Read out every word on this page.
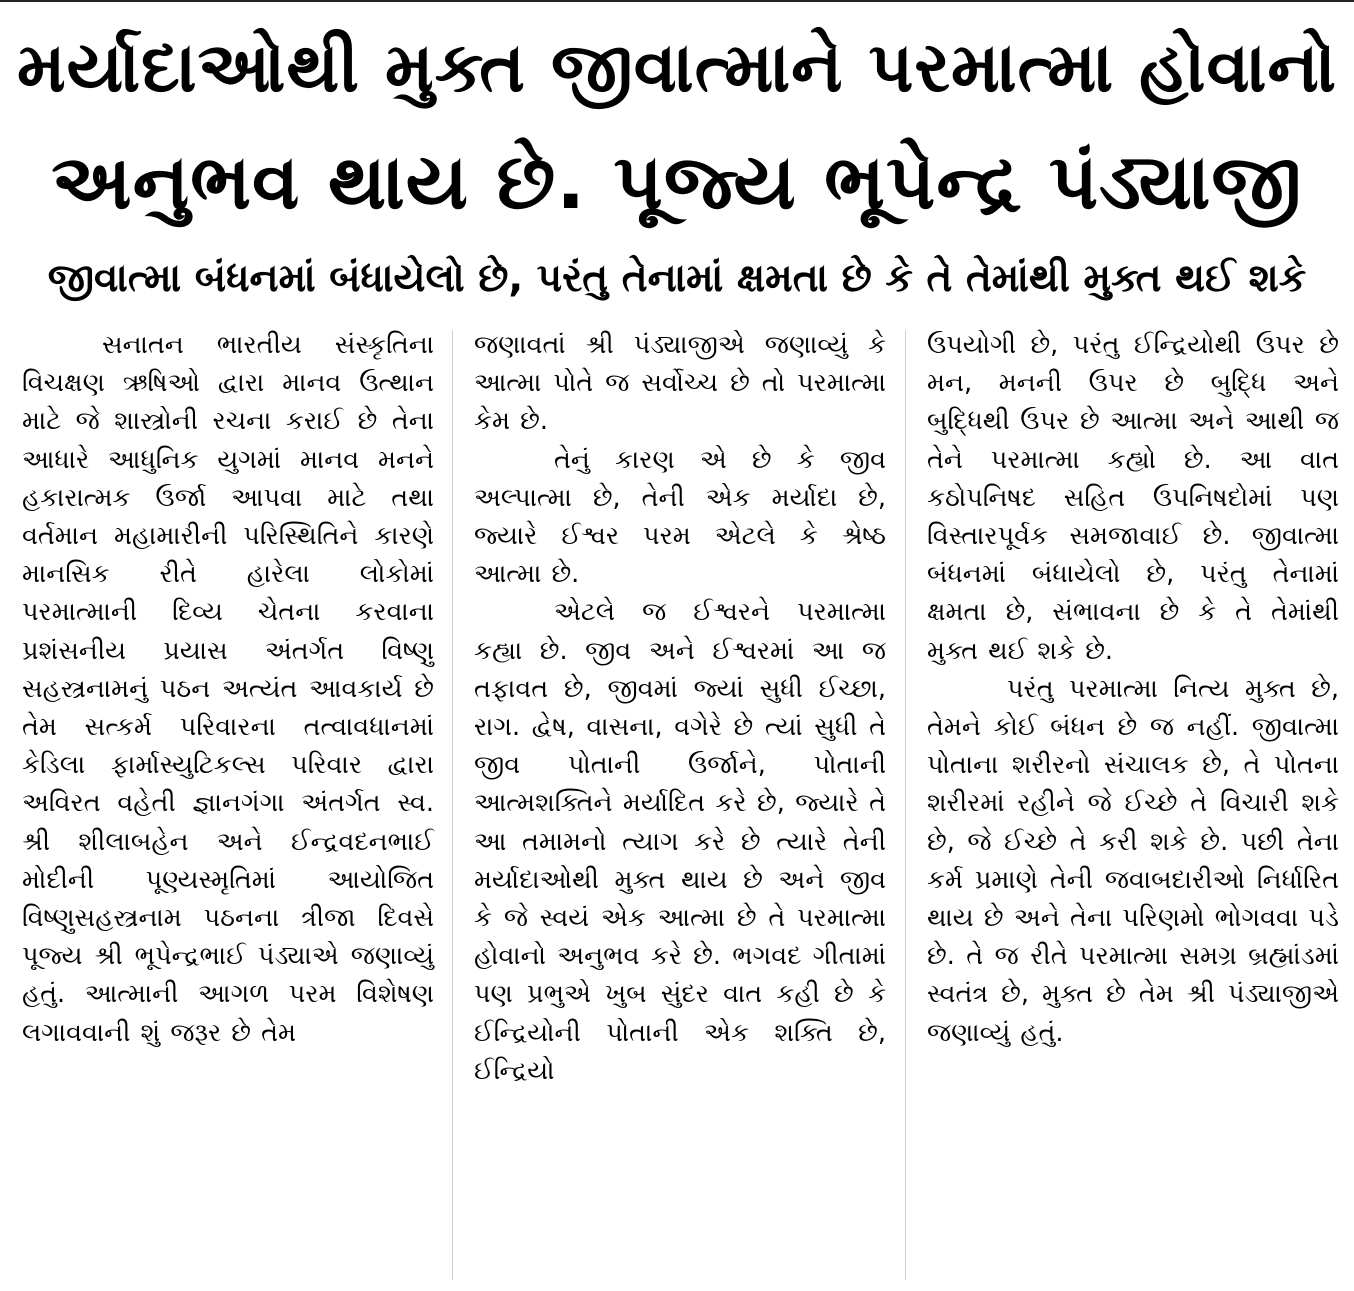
મર્યાદાઓથી મુક્ત જીવાત્માને પરમાત્મા હોવાનો
અનુભવ થાય છે. પૂજ્ય ભૂપેન્દ્ર પંડ્યાજી
જીવાત્મા બંધનમાં બંધાયેલો છે, પરંતુ તેનામાં ક્ષમતા છે કે તે તેમાંથી મુક્ત થઈ શકે

સનાતન ભારતીય સંસ્કૃતિના વિચક્ષણ ઋષિઓ દ્વારા માનવ ઉત્થાન માટે જે શાસ્ત્રોની રચના કરાઈ છે તેના આધારે આધુનિક યુગમાં માનવ મનને હકારાત્મક ઉર્જા આપવા માટે તથા વર્તમાન મહામારીની પરિસ્થિતિને કારણે માનસિક રીતે હારેલા લોકોમાં પરમાત્માની દિવ્ય ચેતના કરવાના પ્રશંસનીય પ્રયાસ અંતર્ગત વિષ્ણુ સહસ્ત્રનામનું પઠન અત્યંત આવકાર્ય છે તેમ સત્કર્મ પરિવારના તત્વાવધાનમાં કેડિલા ફાર્માસ્યુટિકલ્સ પરિવાર દ્વારા અવિરત વહેતી જ્ઞાનગંગા અંતર્ગત સ્વ. શ્રી શીલાબહેન અને ઈન્દ્રવદનભાઈ મોદીની પૂણ્યસ્મૃતિમાં આયોજિત વિષ્ણુસહસ્ત્રનામ પઠનના ત્રીજા દિવસે પૂજ્ય શ્રી ભૂપેન્દ્રભાઈ પંડ્યાએ જણાવ્યું હતું. આત્માની આગળ પરમ વિશેષણ લગાવવાની શું જરૂર છે તેમ

જણાવતાં શ્રી પંડ્યાજીએ જણાવ્યું કે આત્મા પોતે જ સર્વોચ્ચ છે તો પરમાત્મા કેમ છે.

તેનું કારણ એ છે કે જીવ અલ્પાત્મા છે, તેની એક મર્યાદા છે, જ્યારે ઈશ્વર પરમ એટલે કે શ્રેષ્ઠ આત્મા છે.

એટલે જ ઈશ્વરને પરમાત્મા કહ્યા છે. જીવ અને ઈશ્વરમાં આ જ તફાવત છે, જીવમાં જ્યાં સુધી ઈચ્છા, રાગ. દ્વેષ, વાસના, વગેરે છે ત્યાં સુધી તે જીવ પોતાની ઉર્જાને, પોતાની આત્મશક્તિને મર્યાદિત કરે છે, જ્યારે તે આ તમામનો ત્યાગ કરે છે ત્યારે તેની મર્યાદાઓથી મુક્ત થાય છે અને જીવ કે જે સ્વયં એક આત્મા છે તે પરમાત્મા હોવાનો અનુભવ કરે છે. ભગવદ ગીતામાં પણ પ્રભુએ ખુબ સુંદર વાત કહી છે કે ઈન્દ્રિયોની પોતાની એક શક્તિ છે, ઈન્દ્રિયો

ઉપયોગી છે, પરંતુ ઈન્દ્રિયોથી ઉપર છે મન, મનની ઉપર છે બુદ્ધિ અને બુદ્ધિથી ઉપર છે આત્મા અને આથી જ તેને પરમાત્મા કહ્યો છે. આ વાત કઠોપનિષદ સહિત ઉપનિષદોમાં પણ વિસ્તારપૂર્વક સમજાવાઈ છે. જીવાત્મા બંધનમાં બંધાયેલો છે, પરંતુ તેનામાં ક્ષમતા છે, સંભાવના છે કે તે તેમાંથી મુક્ત થઈ શકે છે.

પરંતુ પરમાત્મા નિત્ય મુક્ત છે, તેમને કોઈ બંધન છે જ નહીં. જીવાત્મા પોતાના શરીરનો સંચાલક છે, તે પોતના શરીરમાં રહીને જે ઈચ્છે તે વિચારી શકે છે, જે ઈચ્છે તે કરી શકે છે. પછી તેના કર્મ પ્રમાણે તેની જવાબદારીઓ નિર્ધારિત થાય છે અને તેના પરિણમો ભોગવવા પડે છે. તે જ રીતે પરમાત્મા સમગ્ર બ્રહ્માંડમાં સ્વતંત્ર છે, મુક્ત છે તેમ શ્રી પંડ્યાજીએ જણાવ્યું હતું.
